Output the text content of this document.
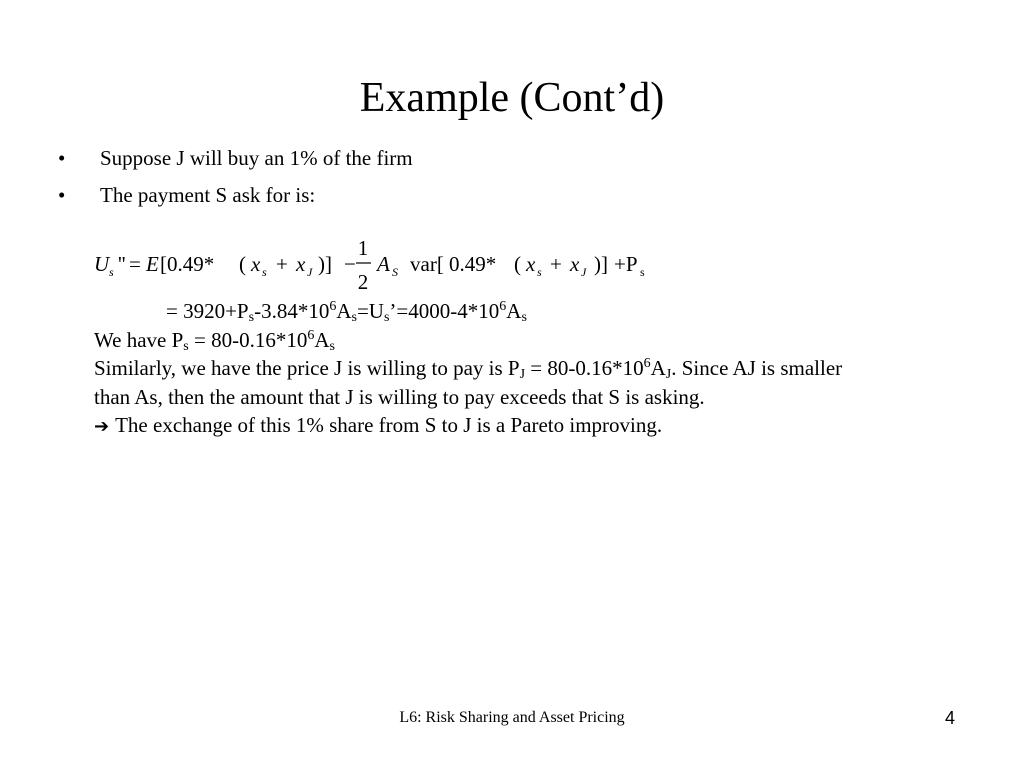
Example (Cont’d)
• Suppose J will buy an 1% of the firm
• The payment S ask for is:
U s '' = E [0.49* ( x s + x J )] −
1
2
A S var[ 0.49* ( x s + x J )] +P s
= $3920+P_s-3.84*10^6A_s=U_s’=4000-4*10^6A_s$
We have $P_s = 80-0.16*10^6A_s$
Similarly, we have the price J is willing to pay is $P_J = 80-0.16*10^6A_J$. Since AJ is smaller
than As, then the amount that J is willing to pay exceeds that S is asking.
➔ The exchange of this 1% share from S to J is a Pareto improving.
L6: Risk Sharing and Asset Pricing	4
